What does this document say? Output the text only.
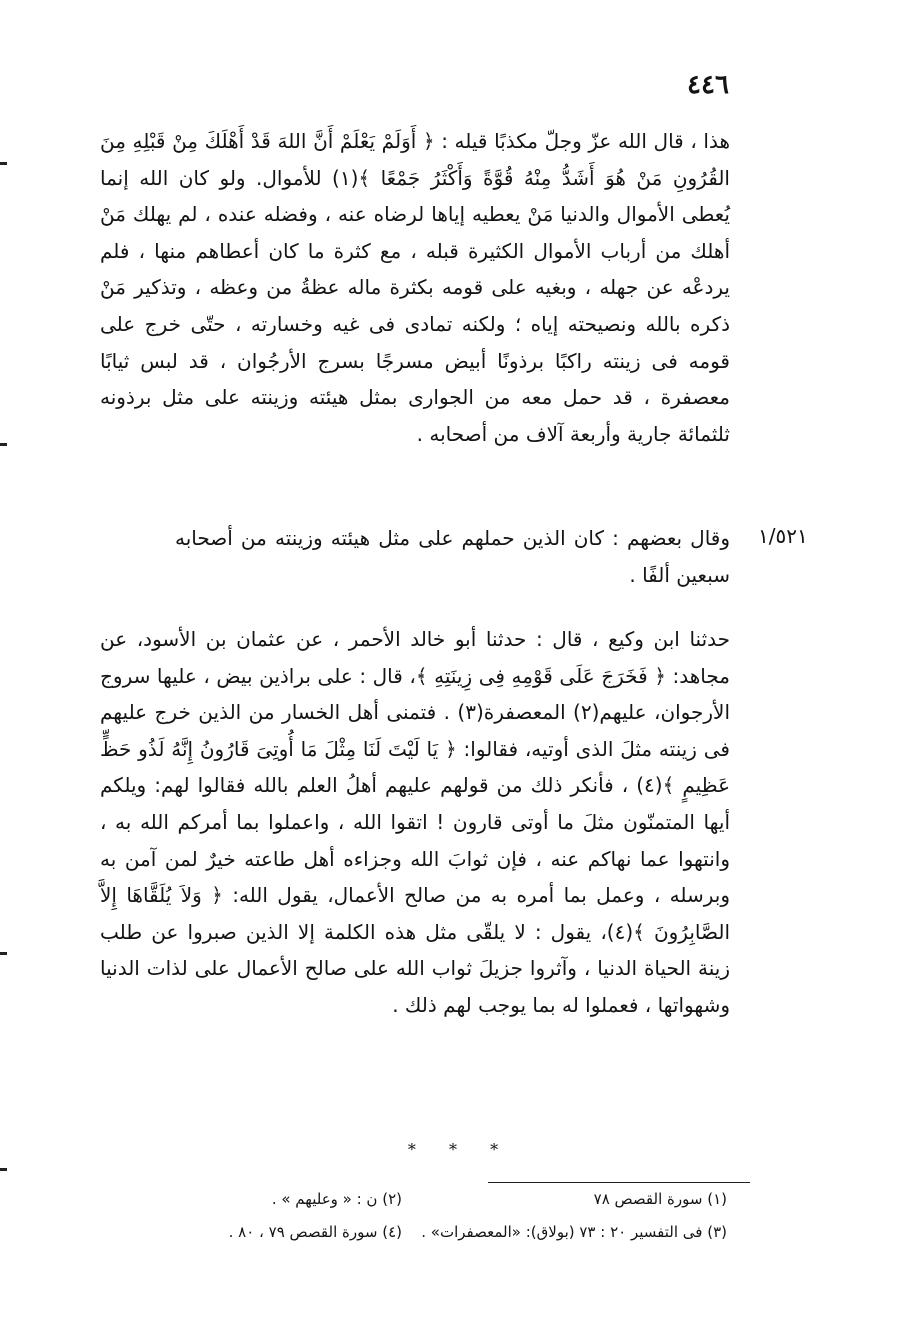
٤٤٦

هذا ، قال الله عزّ وجلّ مكذبًا قيله : ﴿ أَوَلَمْ يَعْلَمْ أَنَّ اللهَ قَدْ أَهْلَكَ مِنْ قَبْلِهِ مِنَ القُرُونِ مَنْ هُوَ أَشَدُّ مِنْهُ قُوَّةً وَأَكْثَرُ جَمْعًا ﴾(١) للأموال. ولو كان الله إنما يُعطى الأموال والدنيا مَنْ يعطيه إياها لرضاه عنه ، وفضله عنده ، لم يهلك مَنْ أهلك من أرباب الأموال الكثيرة قبله ، مع كثرة ما كان أعطاهم منها ، فلم يردعْه عن جهله ، وبغيه على قومه بكثرة ماله عظةُ من وعظه ، وتذكير مَنْ ذكره بالله ونصيحته إياه ؛ ولكنه تمادى فى غيه وخسارته ، حتّى خرج على قومه فى زينته راكبًا برذونًا أبيض مسرجًا بسرج الأرجُوان ، قد لبس ثيابًا معصفرة ، قد حمل معه من الجوارى بمثل هيئته وزينته على مثل برذونه ثلثمائة جارية وأربعة آلاف من أصحابه .

١/٥٢١

وقال بعضهم : كان الذين حملهم على مثل هيئته وزينته من أصحابه سبعين ألفًا .

حدثنا ابن وكيع ، قال : حدثنا أبو خالد الأحمر ، عن عثمان بن الأسود، عن مجاهد: ﴿ فَخَرَجَ عَلَى قَوْمِهِ فِى زِينَتِهِ ﴾، قال : على براذين بيض ، عليها سروج الأرجوان، عليهم(٢) المعصفرة(٣) . فتمنى أهل الخسار من الذين خرج عليهم فى زينته مثلَ الذى أوتيه، فقالوا: ﴿ يَا لَيْتَ لَنَا مِثْلَ مَا أُوتِىَ قَارُونُ إِنَّهُ لَذُو حَظٍّ عَظِيمٍ ﴾(٤) ، فأنكر ذلك من قولهم عليهم أهلُ العلم بالله فقالوا لهم: ويلكم أيها المتمنّون مثلَ ما أوتى قارون ! اتقوا الله ، واعملوا بما أمركم الله به ، وانتهوا عما نهاكم عنه ، فإن ثوابَ الله وجزاءه أهل طاعته خيرٌ لمن آمن به وبرسله ، وعمل بما أمره به من صالح الأعمال، يقول الله: ﴿ وَلاَ يُلَقَّاهَا إِلاَّ الصَّابِرُونَ ﴾(٤)، يقول : لا يلقّى مثل هذه الكلمة إلا الذين صبروا عن طلب زينة الحياة الدنيا ، وآثروا جزيلَ ثواب الله على صالح الأعمال على لذات الدنيا وشهواتها ، فعملوا له بما يوجب لهم ذلك .

* * *
(١) سورة القصص ٧٨
(٢) ن : « وعليهم » .
(٣) فى التفسير ٢٠ : ٧٣ (بولاق): «المعصفرات» .
(٤) سورة القصص ٧٩ ، ٨٠ .
